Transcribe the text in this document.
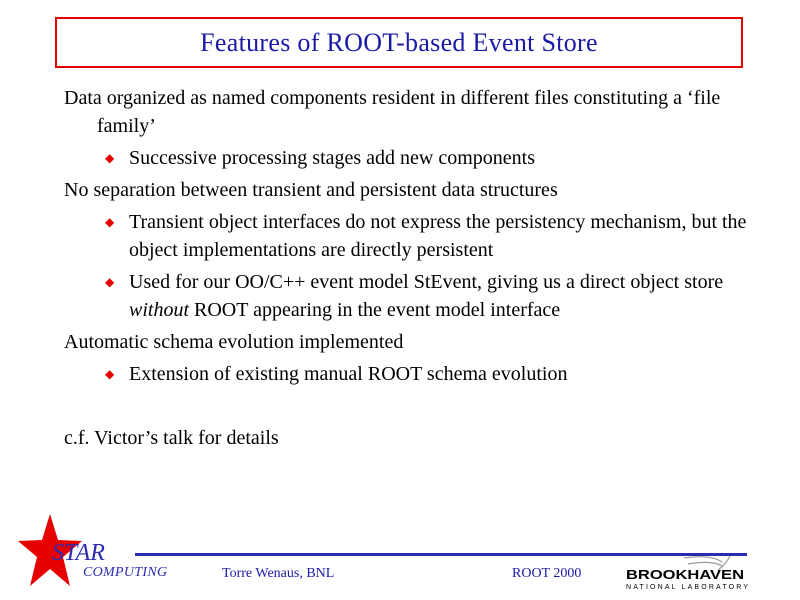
Features of ROOT-based Event Store
Data organized as named components resident in different files constituting a ‘file family’
◆ Successive processing stages add new components
No separation between transient and persistent data structures
◆ Transient object interfaces do not express the persistency mechanism, but the object implementations are directly persistent
◆ Used for our OO/C++ event model StEvent, giving us a direct object store without ROOT appearing in the event model interface
Automatic schema evolution implemented
◆ Extension of existing manual ROOT schema evolution
c.f. Victor’s talk for details
STAR
COMPUTING	Torre Wenaus, BNL	ROOT 2000	BROOKHAVEN
NATIONAL LABORATORY
